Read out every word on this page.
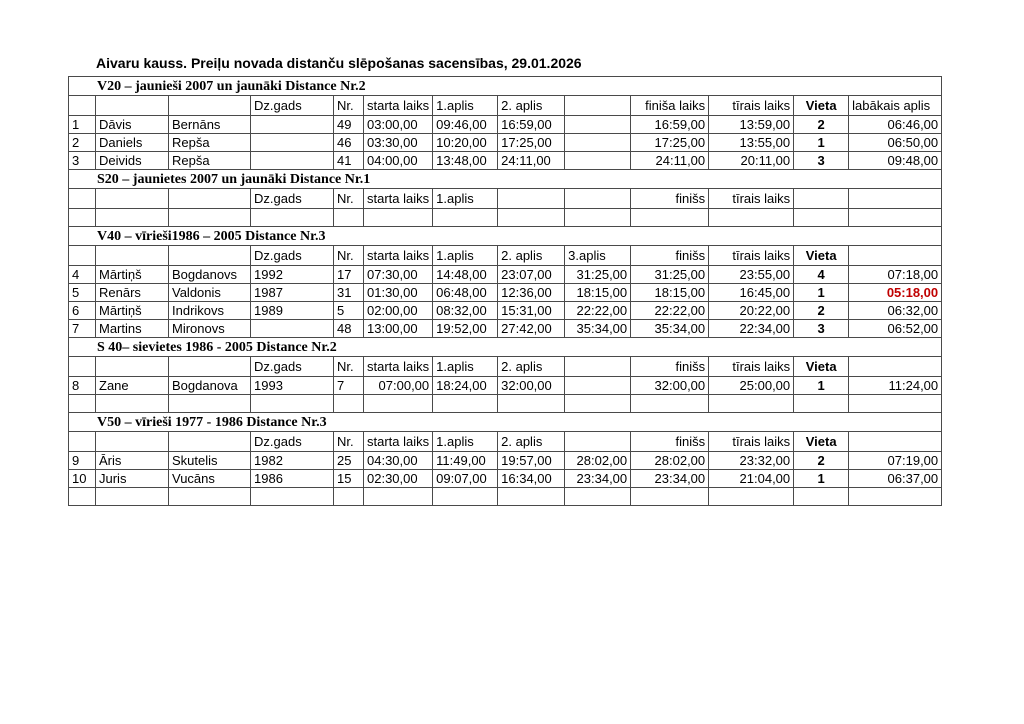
Aivaru kauss. Preiļu novada distanču slēpošanas sacensības, 29.01.2026
V20 – jaunieši 2007 un jaunāki Distance Nr.2												
			Dz.gads	Nr.	starta laiks	1.aplis	2. aplis		finiša laiks	tīrais laiks	Vieta	labākais aplis
1	Dāvis	Bernāns		49	03:00,00	09:46,00	16:59,00		16:59,00	13:59,00	2	06:46,00
2	Daniels	Repša		46	03:30,00	10:20,00	17:25,00		17:25,00	13:55,00	1	06:50,00
3	Deivids	Repša		41	04:00,00	13:48,00	24:11,00		24:11,00	20:11,00	3	09:48,00
S20 – jaunietes 2007 un jaunāki Distance Nr.1												
			Dz.gads	Nr.	starta laiks	1.aplis			finišs	tīrais laiks		

V40 – vīrieši1986 – 2005 Distance Nr.3												
			Dz.gads	Nr.	starta laiks	1.aplis	2. aplis	3.aplis	finišs	tīrais laiks	Vieta	
4	Mārtiņš	Bogdanovs	1992	17	07:30,00	14:48,00	23:07,00	31:25,00	31:25,00	23:55,00	4	07:18,00
5	Renārs	Valdonis	1987	31	01:30,00	06:48,00	12:36,00	18:15,00	18:15,00	16:45,00	1	05:18,00
6	Mārtiņš	Indrikovs	1989	5	02:00,00	08:32,00	15:31,00	22:22,00	22:22,00	20:22,00	2	06:32,00
7	Martins	Mironovs		48	13:00,00	19:52,00	27:42,00	35:34,00	35:34,00	22:34,00	3	06:52,00
S 40– sievietes 1986 - 2005 Distance Nr.2												
			Dz.gads	Nr.	starta laiks	1.aplis	2. aplis		finišs	tīrais laiks	Vieta	
8	Zane	Bogdanova	1993	7	07:00,00	18:24,00	32:00,00		32:00,00	25:00,00	1	11:24,00

V50 – vīrieši 1977 - 1986 Distance Nr.3												
			Dz.gads	Nr.	starta laiks	1.aplis	2. aplis		finišs	tīrais laiks	Vieta	
9	Āris	Skutelis	1982	25	04:30,00	11:49,00	19:57,00	28:02,00	28:02,00	23:32,00	2	07:19,00
10	Juris	Vucāns	1986	15	02:30,00	09:07,00	16:34,00	23:34,00	23:34,00	21:04,00	1	06:37,00
